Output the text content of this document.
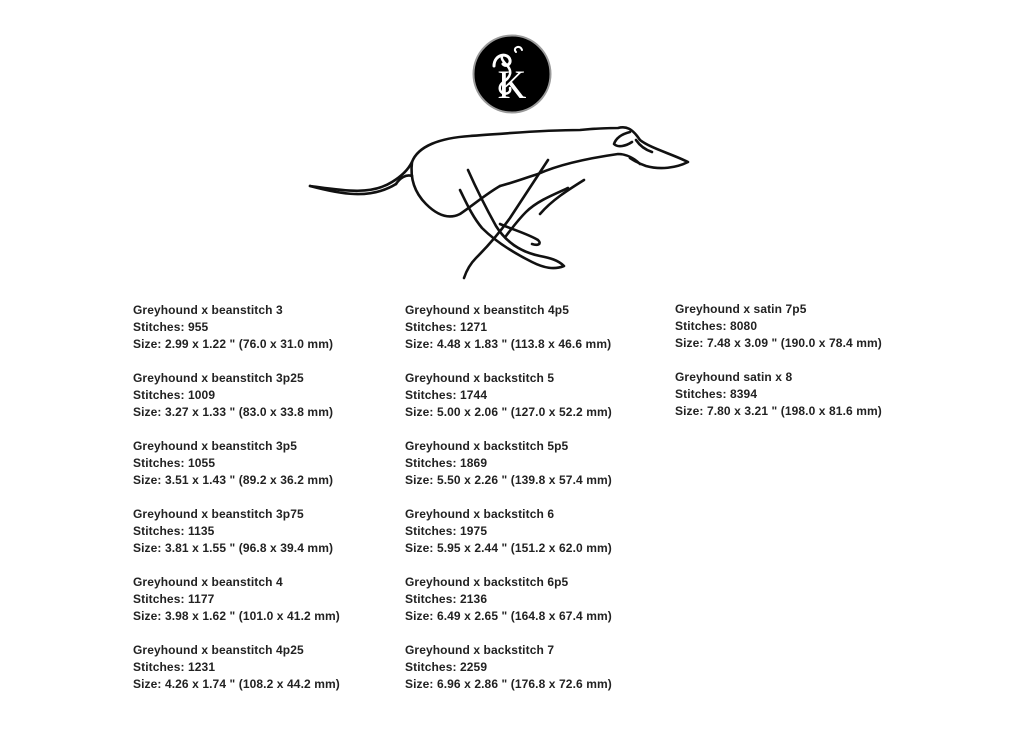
K
Greyhound x beanstitch 3
Stitches: 955
Size: 2.99 x 1.22 " (76.0 x 31.0 mm)
Greyhound x beanstitch 3p25
Stitches: 1009
Size: 3.27 x 1.33 " (83.0 x 33.8 mm)
Greyhound x beanstitch 3p5
Stitches: 1055
Size: 3.51 x 1.43 " (89.2 x 36.2 mm)
Greyhound x beanstitch 3p75
Stitches: 1135
Size: 3.81 x 1.55 " (96.8 x 39.4 mm)
Greyhound x beanstitch 4
Stitches: 1177
Size: 3.98 x 1.62 " (101.0 x 41.2 mm)
Greyhound x beanstitch 4p25
Stitches: 1231
Size: 4.26 x 1.74 " (108.2 x 44.2 mm)
Greyhound x beanstitch 4p5
Stitches: 1271
Size: 4.48 x 1.83 " (113.8 x 46.6 mm)
Greyhound x backstitch 5
Stitches: 1744
Size: 5.00 x 2.06 " (127.0 x 52.2 mm)
Greyhound x backstitch 5p5
Stitches: 1869
Size: 5.50 x 2.26 " (139.8 x 57.4 mm)
Greyhound x backstitch 6
Stitches: 1975
Size: 5.95 x 2.44 " (151.2 x 62.0 mm)
Greyhound x backstitch 6p5
Stitches: 2136
Size: 6.49 x 2.65 " (164.8 x 67.4 mm)
Greyhound x backstitch 7
Stitches: 2259
Size: 6.96 x 2.86 " (176.8 x 72.6 mm)
Greyhound x satin 7p5
Stitches: 8080
Size: 7.48 x 3.09 " (190.0 x 78.4 mm)
Greyhound satin x 8
Stitches: 8394
Size: 7.80 x 3.21 " (198.0 x 81.6 mm)
